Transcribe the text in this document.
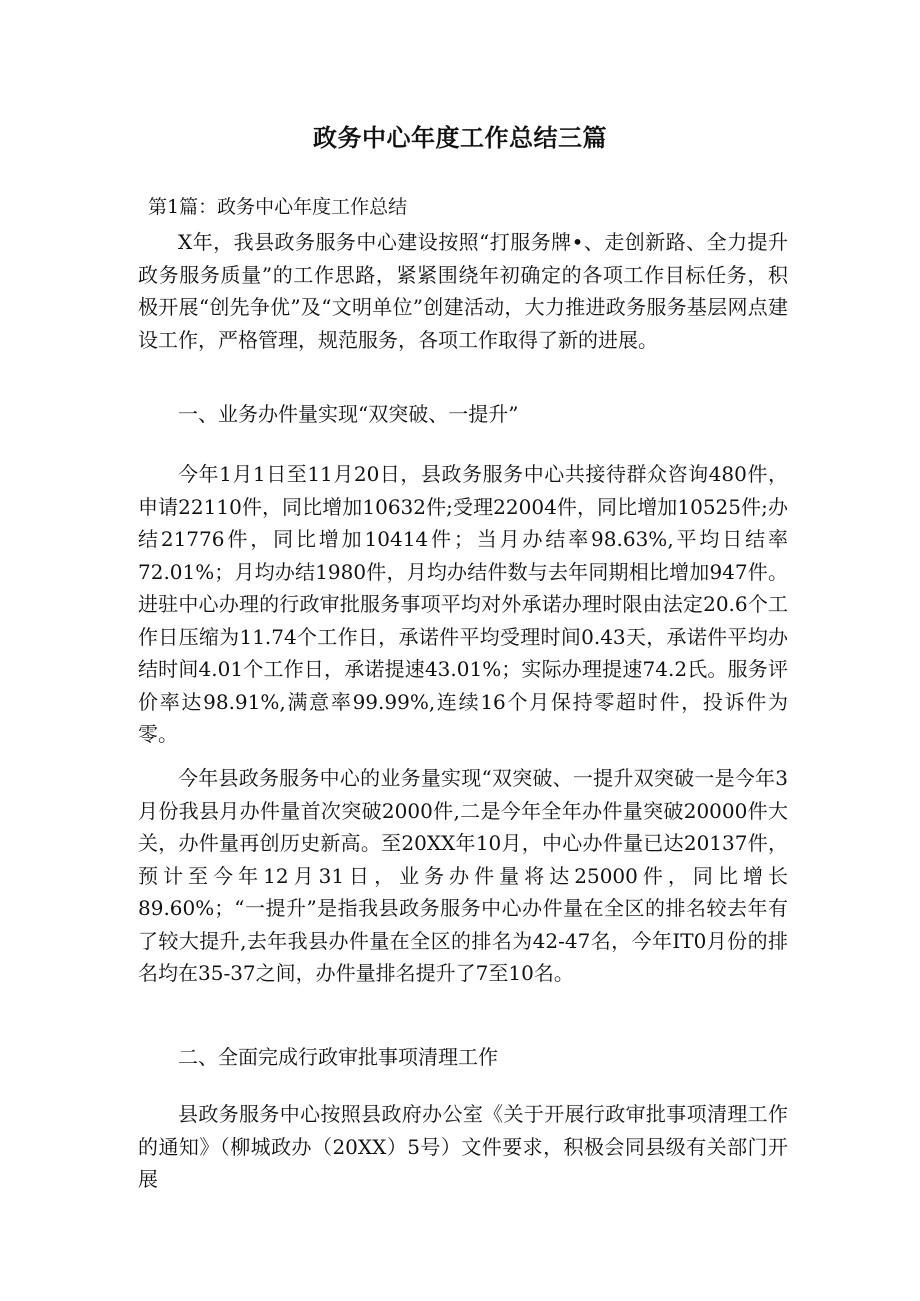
政务中心年度工作总结三篇
第1篇：政务中心年度工作总结

X年，我县政务服务中心建设按照“打服务牌•、走创新路、全力提升政务服务质量”的工作思路，紧紧围绕年初确定的各项工作目标任务，积极开展“创先争优”及“文明单位”创建活动，大力推进政务服务基层网点建设工作，严格管理，规范服务，各项工作取得了新的进展。

一、业务办件量实现“双突破、一提升”

今年1月1日至11月20日，县政务服务中心共接待群众咨询480件，申请22110件，同比增加10632件;受理22004件，同比增加10525件;办结21776件，同比增加10414件；当月办结率98.63%,平均日结率72.01%；月均办结1980件，月均办结件数与去年同期相比增加947件。进驻中心办理的行政审批服务事项平均对外承诺办理时限由法定20.6个工作日压缩为11.74个工作日，承诺件平均受理时间0.43天，承诺件平均办结时间4.01个工作日，承诺提速43.01%；实际办理提速74.2氏。服务评价率达98.91%,满意率99.99%,连续16个月保持零超时件，投诉件为零。

今年县政务服务中心的业务量实现“双突破、一提升双突破一是今年3月份我县月办件量首次突破2000件,二是今年全年办件量突破20000件大关，办件量再创历史新高。至20XX年10月，中心办件量已达20137件，预计至今年12月31日，业务办件量将达25000件，同比增长89.60%；“一提升”是指我县政务服务中心办件量在全区的排名较去年有了较大提升,去年我县办件量在全区的排名为42-47名，今年IT0月份的排名均在35-37之间，办件量排名提升了7至10名。

二、全面完成行政审批事项清理工作

县政务服务中心按照县政府办公室《关于开展行政审批事项清理工作的通知》（柳城政办（20XX）5号）文件要求，积极会同县级有关部门开展
